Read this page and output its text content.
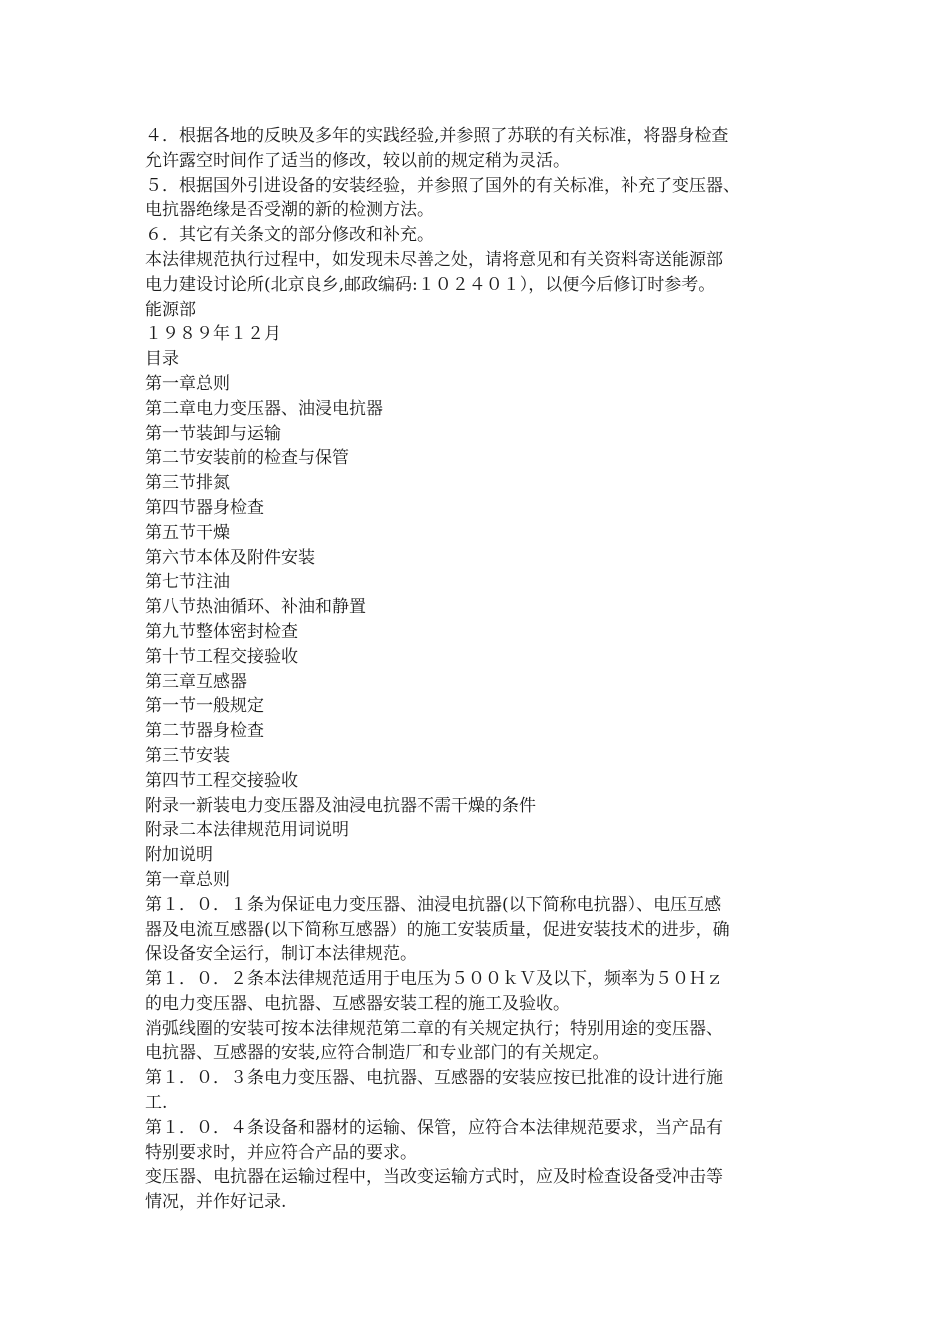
４．根据各地的反映及多年的实践经验,并参照了苏联的有关标准，将器身检查
允许露空时间作了适当的修改，较以前的规定稍为灵活。

５．根据国外引进设备的安装经验，并参照了国外的有关标准，补充了变压器、
电抗器绝缘是否受潮的新的检测方法。

６．其它有关条文的部分修改和补充。

本法律规范执行过程中，如发现未尽善之处，请将意见和有关资料寄送能源部
电力建设讨论所(北京良乡,邮政编码:１０２４０１），以便今后修订时参考。

能源部

１９８９年１２月

目录

第一章总则

第二章电力变压器、油浸电抗器

第一节装卸与运输

第二节安装前的检查与保管

第三节排氮

第四节器身检查

第五节干燥

第六节本体及附件安装

第七节注油

第八节热油循环、补油和静置

第九节整体密封检查

第十节工程交接验收

第三章互感器

第一节一般规定

第二节器身检查

第三节安装

第四节工程交接验收

附录一新装电力变压器及油浸电抗器不需干燥的条件

附录二本法律规范用词说明

附加说明

第一章总则

第１．０．１条为保证电力变压器、油浸电抗器(以下简称电抗器）、电压互感
器及电流互感器(以下简称互感器）的施工安装质量，促进安装技术的进步，确
保设备安全运行，制订本法律规范。

第１．０．２条本法律规范适用于电压为５００ｋＶ及以下，频率为５０Ｈｚ
的电力变压器、电抗器、互感器安装工程的施工及验收。

消弧线圈的安装可按本法律规范第二章的有关规定执行；特别用途的变压器、
电抗器、互感器的安装,应符合制造厂和专业部门的有关规定。

第１．０．３条电力变压器、电抗器、互感器的安装应按已批准的设计进行施
工.

第１．０．４条设备和器材的运输、保管，应符合本法律规范要求，当产品有
特别要求时，并应符合产品的要求。

变压器、电抗器在运输过程中，当改变运输方式时，应及时检查设备受冲击等
情况，并作好记录.
